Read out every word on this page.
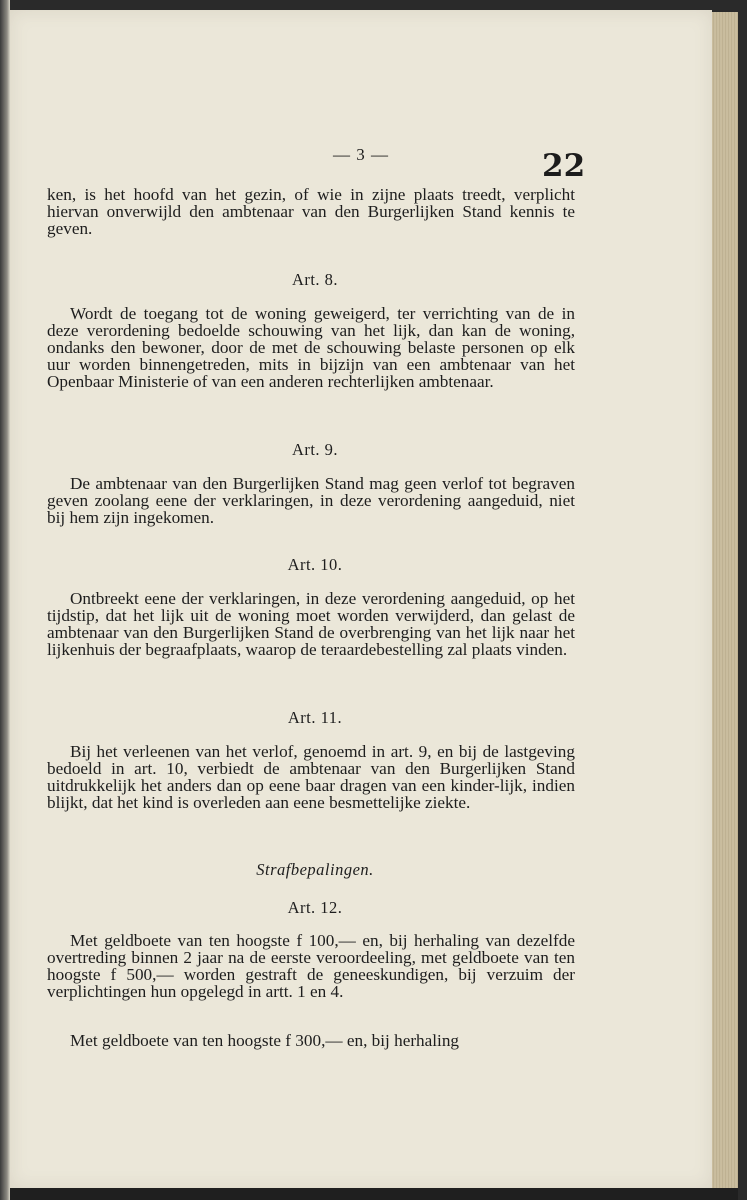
— 3 —	22

ken, is het hoofd van het gezin, of wie in zijne plaats treedt, verplicht hiervan onverwijld den ambtenaar van den Burgerlijken Stand kennis te geven.

Art. 8.

Wordt de toegang tot de woning geweigerd, ter verrichting van de in deze verordening bedoelde schouwing van het lijk, dan kan de woning, ondanks den bewoner, door de met de schouwing belaste personen op elk uur worden binnengetreden, mits in bijzijn van een ambtenaar van het Openbaar Ministerie of van een anderen rechterlijken ambtenaar.

Art. 9.

De ambtenaar van den Burgerlijken Stand mag geen verlof tot begraven geven zoolang eene der verklaringen, in deze verordening aangeduid, niet bij hem zijn ingekomen.

Art. 10.

Ontbreekt eene der verklaringen, in deze verordening aangeduid, op het tijdstip, dat het lijk uit de woning moet worden verwijderd, dan gelast de ambtenaar van den Burgerlijken Stand de overbrenging van het lijk naar het lijkenhuis der begraafplaats, waarop de teraardebestelling zal plaats vinden.

Art. 11.

Bij het verleenen van het verlof, genoemd in art. 9, en bij de lastgeving bedoeld in art. 10, verbiedt de ambtenaar van den Burgerlijken Stand uitdrukkelijk het anders dan op eene baar dragen van een kinder-lijk, indien blijkt, dat het kind is overleden aan eene besmettelijke ziekte.

Strafbepalingen.
Art. 12.

Met geldboete van ten hoogste f 100,— en, bij herhaling van dezelfde overtreding binnen 2 jaar na de eerste veroordeeling, met geldboete van ten hoogste f 500,— worden gestraft de geneeskundigen, bij verzuim der verplichtingen hun opgelegd in artt. 1 en 4.

Met geldboete van ten hoogste f 300,— en, bij herhaling
